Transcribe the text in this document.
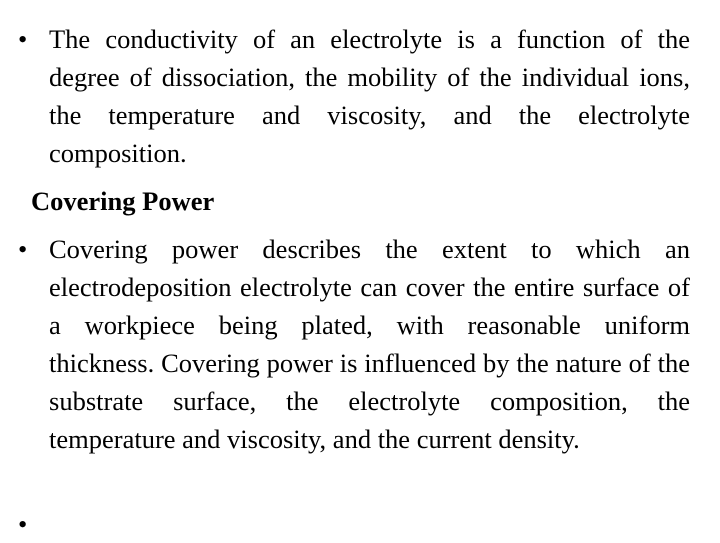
• The conductivity of an electrolyte is a function of the degree of dissociation, the mobility of the individual ions, the temperature and viscosity, and the electrolyte composition.
Covering Power
• Covering power describes the extent to which an electrodeposition electrolyte can cover the entire surface of a workpiece being plated, with reasonable uniform thickness. Covering power is influenced by the nature of the substrate surface, the electrolyte composition, the temperature and viscosity, and the current density.
•
